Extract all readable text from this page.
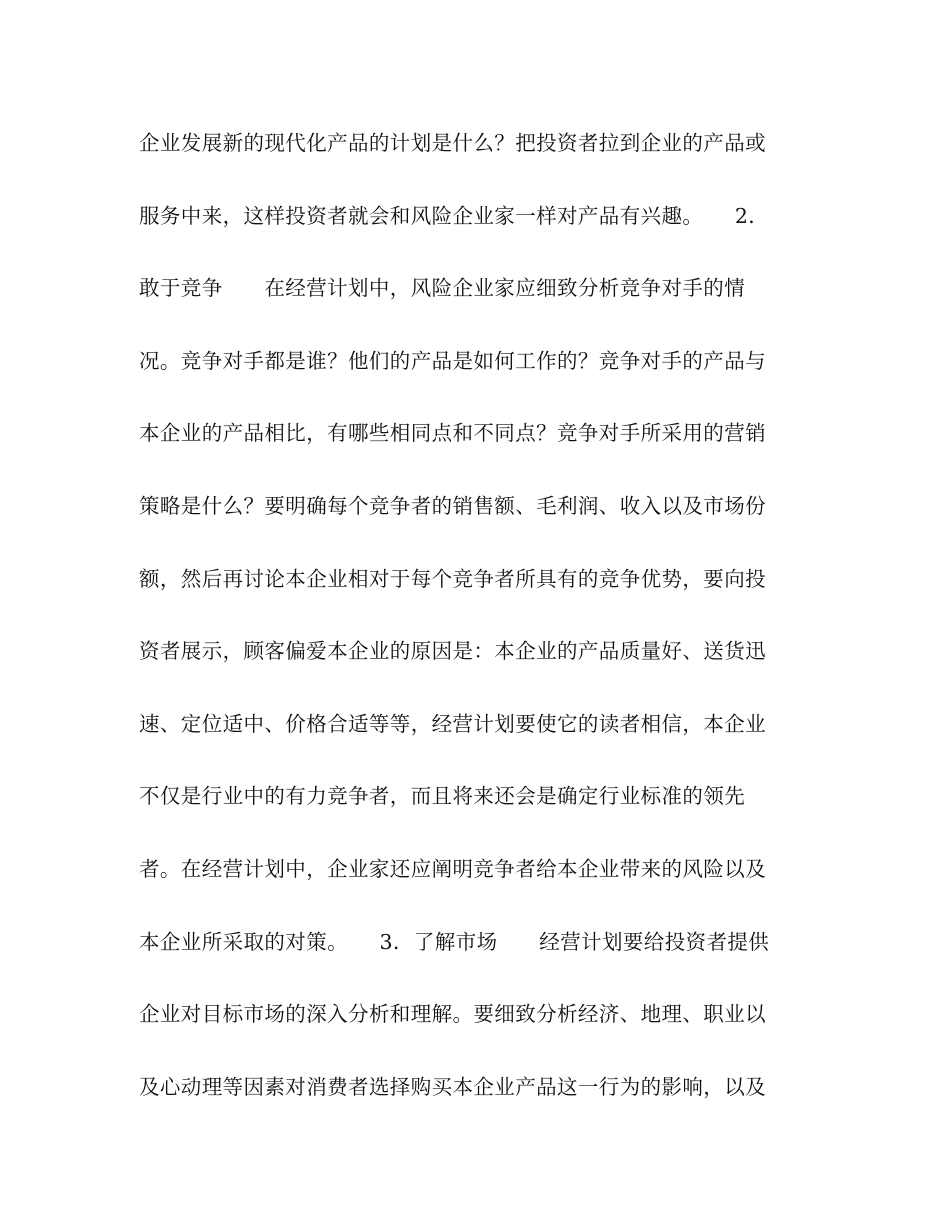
企业发展新的现代化产品的计划是什么？把投资者拉到企业的产品或
服务中来，这样投资者就会和风险企业家一样对产品有兴趣。　　2．
敢于竞争　　在经营计划中，风险企业家应细致分析竞争对手的情
况。竞争对手都是谁？他们的产品是如何工作的？竞争对手的产品与
本企业的产品相比，有哪些相同点和不同点？竞争对手所采用的营销
策略是什么？要明确每个竞争者的销售额、毛利润、收入以及市场份
额，然后再讨论本企业相对于每个竞争者所具有的竞争优势，要向投
资者展示，顾客偏爱本企业的原因是：本企业的产品质量好、送货迅
速、定位适中、价格合适等等，经营计划要使它的读者相信，本企业
不仅是行业中的有力竞争者，而且将来还会是确定行业标准的领先
者。在经营计划中，企业家还应阐明竞争者给本企业带来的风险以及
本企业所采取的对策。　　3．了解市场　　经营计划要给投资者提供
企业对目标市场的深入分析和理解。要细致分析经济、地理、职业以
及心动理等因素对消费者选择购买本企业产品这一行为的影响，以及
